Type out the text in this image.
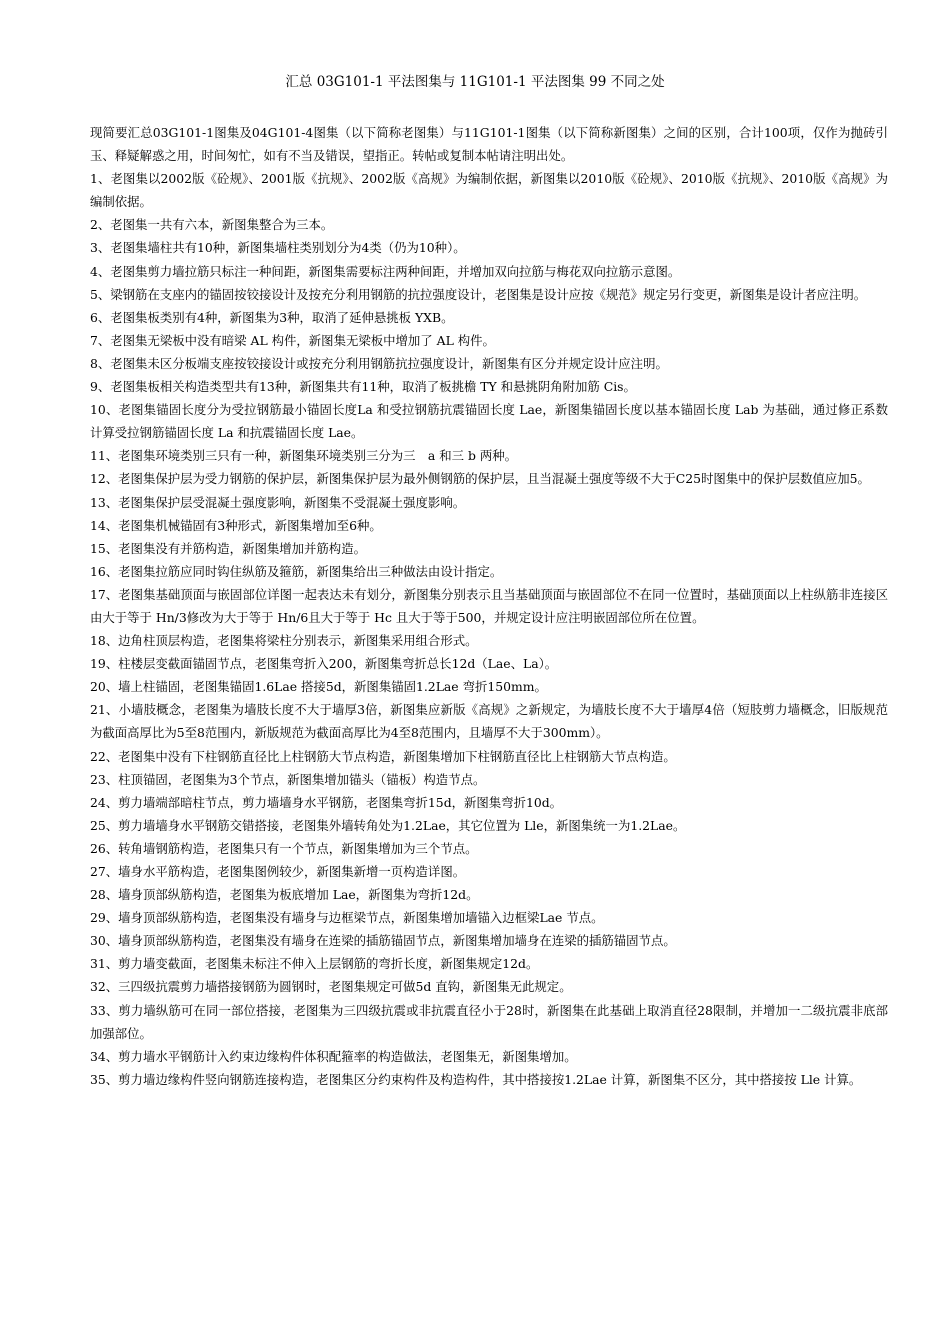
汇总 03G101-1 平法图集与 11G101-1 平法图集 99 不同之处

现简要汇总03G101-1图集及04G101-4图集（以下简称老图集）与11G101-1图集（以下简称新图集）之间的区别，合计100项，仅作为抛砖引玉、释疑解惑之用，时间匆忙，如有不当及错误，望指正。转帖或复制本帖请注明出处。

1、老图集以2002版《砼规》、2001版《抗规》、2002版《高规》为编制依据，新图集以2010版《砼规》、2010版《抗规》、2010版《高规》为编制依据。

2、老图集一共有六本，新图集整合为三本。

3、老图集墙柱共有10种，新图集墙柱类别划分为4类（仍为10种）。

4、老图集剪力墙拉筋只标注一种间距，新图集需要标注两种间距，并增加双向拉筋与梅花双向拉筋示意图。

5、梁钢筋在支座内的锚固按铰接设计及按充分利用钢筋的抗拉强度设计，老图集是设计应按《规范》规定另行变更，新图集是设计者应注明。

6、老图集板类别有4种，新图集为3种，取消了延伸悬挑板 YXB。

7、老图集无梁板中没有暗梁 AL 构件，新图集无梁板中增加了 AL 构件。

8、老图集未区分板端支座按铰接设计或按充分利用钢筋抗拉强度设计，新图集有区分并规定设计应注明。

9、老图集板相关构造类型共有13种，新图集共有11种，取消了板挑檐 TY 和悬挑阴角附加筋 Cis。

10、老图集锚固长度分为受拉钢筋最小锚固长度La 和受拉钢筋抗震锚固长度 Lae，新图集锚固长度以基本锚固长度 Lab 为基础，通过修正系数计算受拉钢筋锚固长度 La 和抗震锚固长度 Lae。

11、老图集环境类别三只有一种，新图集环境类别三分为三　a 和三 b 两种。

12、老图集保护层为受力钢筋的保护层，新图集保护层为最外侧钢筋的保护层，且当混凝土强度等级不大于C25时图集中的保护层数值应加5。

13、老图集保护层受混凝土强度影响，新图集不受混凝土强度影响。

14、老图集机械锚固有3种形式，新图集增加至6种。

15、老图集没有并筋构造，新图集增加并筋构造。

16、老图集拉筋应同时钩住纵筋及箍筋，新图集给出三种做法由设计指定。

17、老图集基础顶面与嵌固部位详图一起表达未有划分，新图集分别表示且当基础顶面与嵌固部位不在同一位置时，基础顶面以上柱纵筋非连接区由大于等于 Hn/3修改为大于等于 Hn/6且大于等于 Hc 且大于等于500，并规定设计应注明嵌固部位所在位置。

18、边角柱顶层构造，老图集将梁柱分别表示，新图集采用组合形式。

19、柱楼层变截面锚固节点，老图集弯折入200，新图集弯折总长12d（Lae、La）。

20、墙上柱锚固，老图集锚固1.6Lae 搭接5d，新图集锚固1.2Lae 弯折150mm。

21、小墙肢概念，老图集为墙肢长度不大于墙厚3倍，新图集应新版《高规》之新规定，为墙肢长度不大于墙厚4倍（短肢剪力墙概念，旧版规范为截面高厚比为5至8范围内，新版规范为截面高厚比为4至8范围内，且墙厚不大于300mm）。

22、老图集中没有下柱钢筋直径比上柱钢筋大节点构造，新图集增加下柱钢筋直径比上柱钢筋大节点构造。

23、柱顶锚固，老图集为3个节点，新图集增加锚头（锚板）构造节点。

24、剪力墙端部暗柱节点，剪力墙墙身水平钢筋，老图集弯折15d，新图集弯折10d。

25、剪力墙墙身水平钢筋交错搭接，老图集外墙转角处为1.2Lae，其它位置为 Lle，新图集统一为1.2Lae。

26、转角墙钢筋构造，老图集只有一个节点，新图集增加为三个节点。

27、墙身水平筋构造，老图集图例较少，新图集新增一页构造详图。

28、墙身顶部纵筋构造，老图集为板底增加 Lae，新图集为弯折12d。

29、墙身顶部纵筋构造，老图集没有墙身与边框梁节点，新图集增加墙锚入边框梁Lae 节点。

30、墙身顶部纵筋构造，老图集没有墙身在连梁的插筋锚固节点，新图集增加墙身在连梁的插筋锚固节点。

31、剪力墙变截面，老图集未标注不伸入上层钢筋的弯折长度，新图集规定12d。

32、三四级抗震剪力墙搭接钢筋为圆钢时，老图集规定可做5d 直钩，新图集无此规定。

33、剪力墙纵筋可在同一部位搭接，老图集为三四级抗震或非抗震直径小于28时，新图集在此基础上取消直径28限制，并增加一二级抗震非底部加强部位。

34、剪力墙水平钢筋计入约束边缘构件体积配箍率的构造做法，老图集无，新图集增加。

35、剪力墙边缘构件竖向钢筋连接构造，老图集区分约束构件及构造构件，其中搭接按1.2Lae 计算，新图集不区分，其中搭接按 Lle 计算。
